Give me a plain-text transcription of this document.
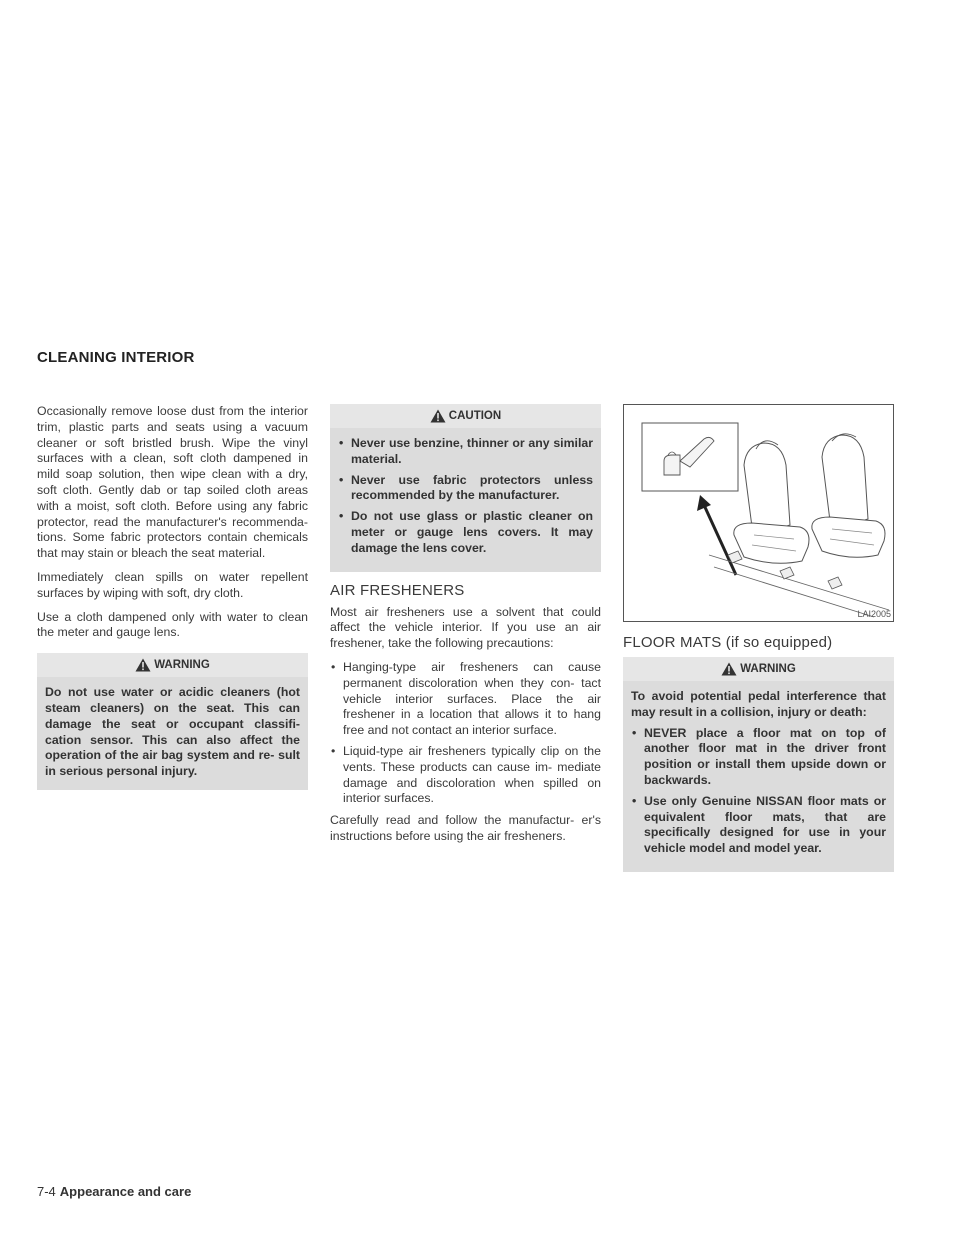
CLEANING INTERIOR

Occasionally remove loose dust from the interior trim, plastic parts and seats using a vacuum cleaner or soft bristled brush. Wipe the vinyl surfaces with a clean, soft cloth dampened in mild soap solution, then wipe clean with a dry, soft cloth. Gently dab or tap soiled cloth areas with a moist, soft cloth. Before using any fabric protector, read the manufacturer's recommenda- tions. Some fabric protectors contain chemicals that may stain or bleach the seat material.

Immediately clean spills on water repellent surfaces by wiping with soft, dry cloth.

Use a cloth dampened only with water to clean the meter and gauge lens.

WARNING

Do not use water or acidic cleaners (hot steam cleaners) on the seat. This can damage the seat or occupant classifi- cation sensor. This can also affect the operation of the air bag system and re- sult in serious personal injury.

CAUTION
• Never use benzine, thinner or any similar material.
• Never use fabric protectors unless recommended by the manufacturer.
• Do not use glass or plastic cleaner on meter or gauge lens covers. It may damage the lens cover.
AIR FRESHENERS

Most air fresheners use a solvent that could affect the vehicle interior. If you use an air freshener, take the following precautions:

• Hanging-type air fresheners can cause permanent discoloration when they con- tact vehicle interior surfaces. Place the air freshener in a location that allows it to hang free and not contact an interior surface.
• Liquid-type air fresheners typically clip on the vents. These products can cause im- mediate damage and discoloration when spilled on interior surfaces.

Carefully read and follow the manufactur- er's instructions before using the air fresheners.

LAI2005
FLOOR MATS (if so equipped)
WARNING

To avoid potential pedal interference that may result in a collision, injury or death:

• NEVER place a floor mat on top of another floor mat in the driver front position or install them upside down or backwards.
• Use only Genuine NISSAN floor mats or equivalent floor mats, that are specifically designed for use in your vehicle model and model year.
7-4 Appearance and care
